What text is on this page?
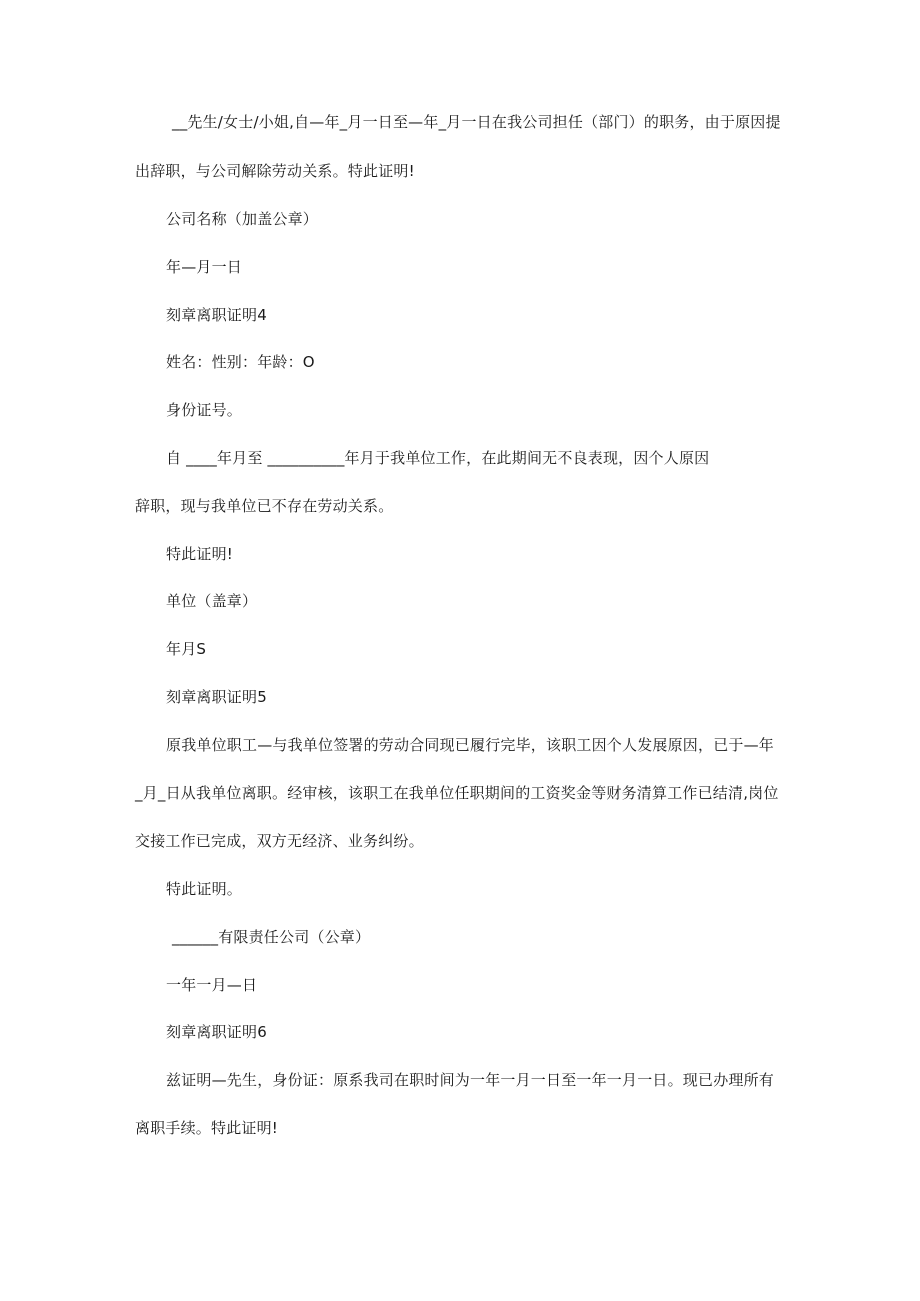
__先生/女士/小姐,自—年_月一日至—年_月一日在我公司担任（部门）的职务，由于原因提
出辞职，与公司解除劳动关系。特此证明!
公司名称（加盖公章）
年—月一日
刻章离职证明4
姓名：性别：年龄：O
身份证号。
自 ____年月至 __________年月于我单位工作，在此期间无不良表现，因个人原因
辞职，现与我单位已不存在劳动关系。
特此证明!
单位（盖章）
年月S
刻章离职证明5
原我单位职工—与我单位签署的劳动合同现已履行完毕，该职工因个人发展原因，已于—年
_月_日从我单位离职。经审核，该职工在我单位任职期间的工资奖金等财务清算工作已结清,岗位
交接工作已完成，双方无经济、业务纠纷。
特此证明。
______有限责任公司（公章）
一年一月—日
刻章离职证明6
兹证明—先生，身份证：原系我司在职时间为一年一月一日至一年一月一日。现已办理所有
离职手续。特此证明!
